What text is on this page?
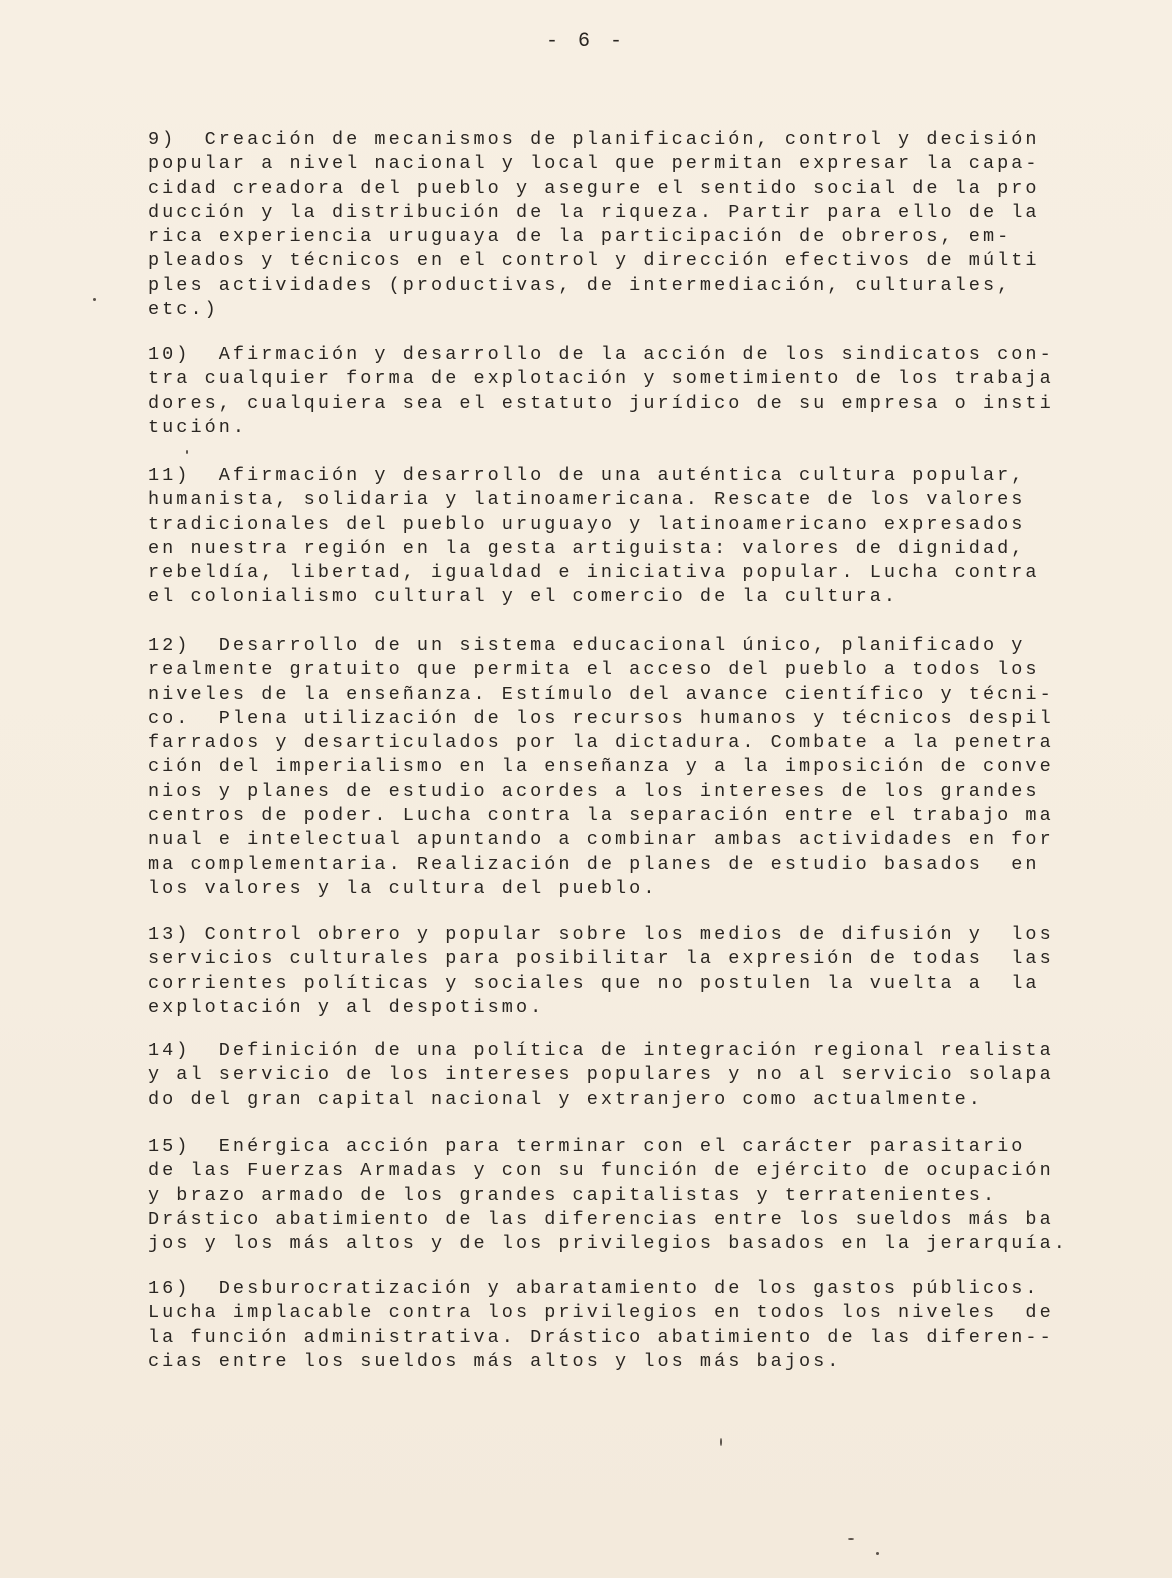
- 6 -
9)  Creación de mecanismos de planificación, control y decisión
popular a nivel nacional y local que permitan expresar la capa-
cidad creadora del pueblo y asegure el sentido social de la pro
ducción y la distribución de la riqueza. Partir para ello de la
rica experiencia uruguaya de la participación de obreros, em-
pleados y técnicos en el control y dirección efectivos de múlti
ples actividades (productivas, de intermediación, culturales,
etc.)
10)  Afirmación y desarrollo de la acción de los sindicatos con-
tra cualquier forma de explotación y sometimiento de los trabaja
dores, cualquiera sea el estatuto jurídico de su empresa o insti
tución.
11)  Afirmación y desarrollo de una auténtica cultura popular,
humanista, solidaria y latinoamericana. Rescate de los valores
tradicionales del pueblo uruguayo y latinoamericano expresados
en nuestra región en la gesta artiguista: valores de dignidad,
rebeldía, libertad, igualdad e iniciativa popular. Lucha contra
el colonialismo cultural y el comercio de la cultura.
12)  Desarrollo de un sistema educacional único, planificado y
realmente gratuito que permita el acceso del pueblo a todos los
niveles de la enseñanza. Estímulo del avance científico y técni-
co.  Plena utilización de los recursos humanos y técnicos despil
farrados y desarticulados por la dictadura. Combate a la penetra
ción del imperialismo en la enseñanza y a la imposición de conve
nios y planes de estudio acordes a los intereses de los grandes
centros de poder. Lucha contra la separación entre el trabajo ma
nual e intelectual apuntando a combinar ambas actividades en for
ma complementaria. Realización de planes de estudio basados  en
los valores y la cultura del pueblo.
13) Control obrero y popular sobre los medios de difusión y  los
servicios culturales para posibilitar la expresión de todas  las
corrientes políticas y sociales que no postulen la vuelta a  la
explotación y al despotismo.
14)  Definición de una política de integración regional realista
y al servicio de los intereses populares y no al servicio solapa
do del gran capital nacional y extranjero como actualmente.
15)  Enérgica acción para terminar con el carácter parasitario
de las Fuerzas Armadas y con su función de ejército de ocupación
y brazo armado de los grandes capitalistas y terratenientes.
Drástico abatimiento de las diferencias entre los sueldos más ba
jos y los más altos y de los privilegios basados en la jerarquía.
16)  Desburocratización y abaratamiento de los gastos públicos.
Lucha implacable contra los privilegios en todos los niveles  de
la función administrativa. Drástico abatimiento de las diferen--
cias entre los sueldos más altos y los más bajos.
